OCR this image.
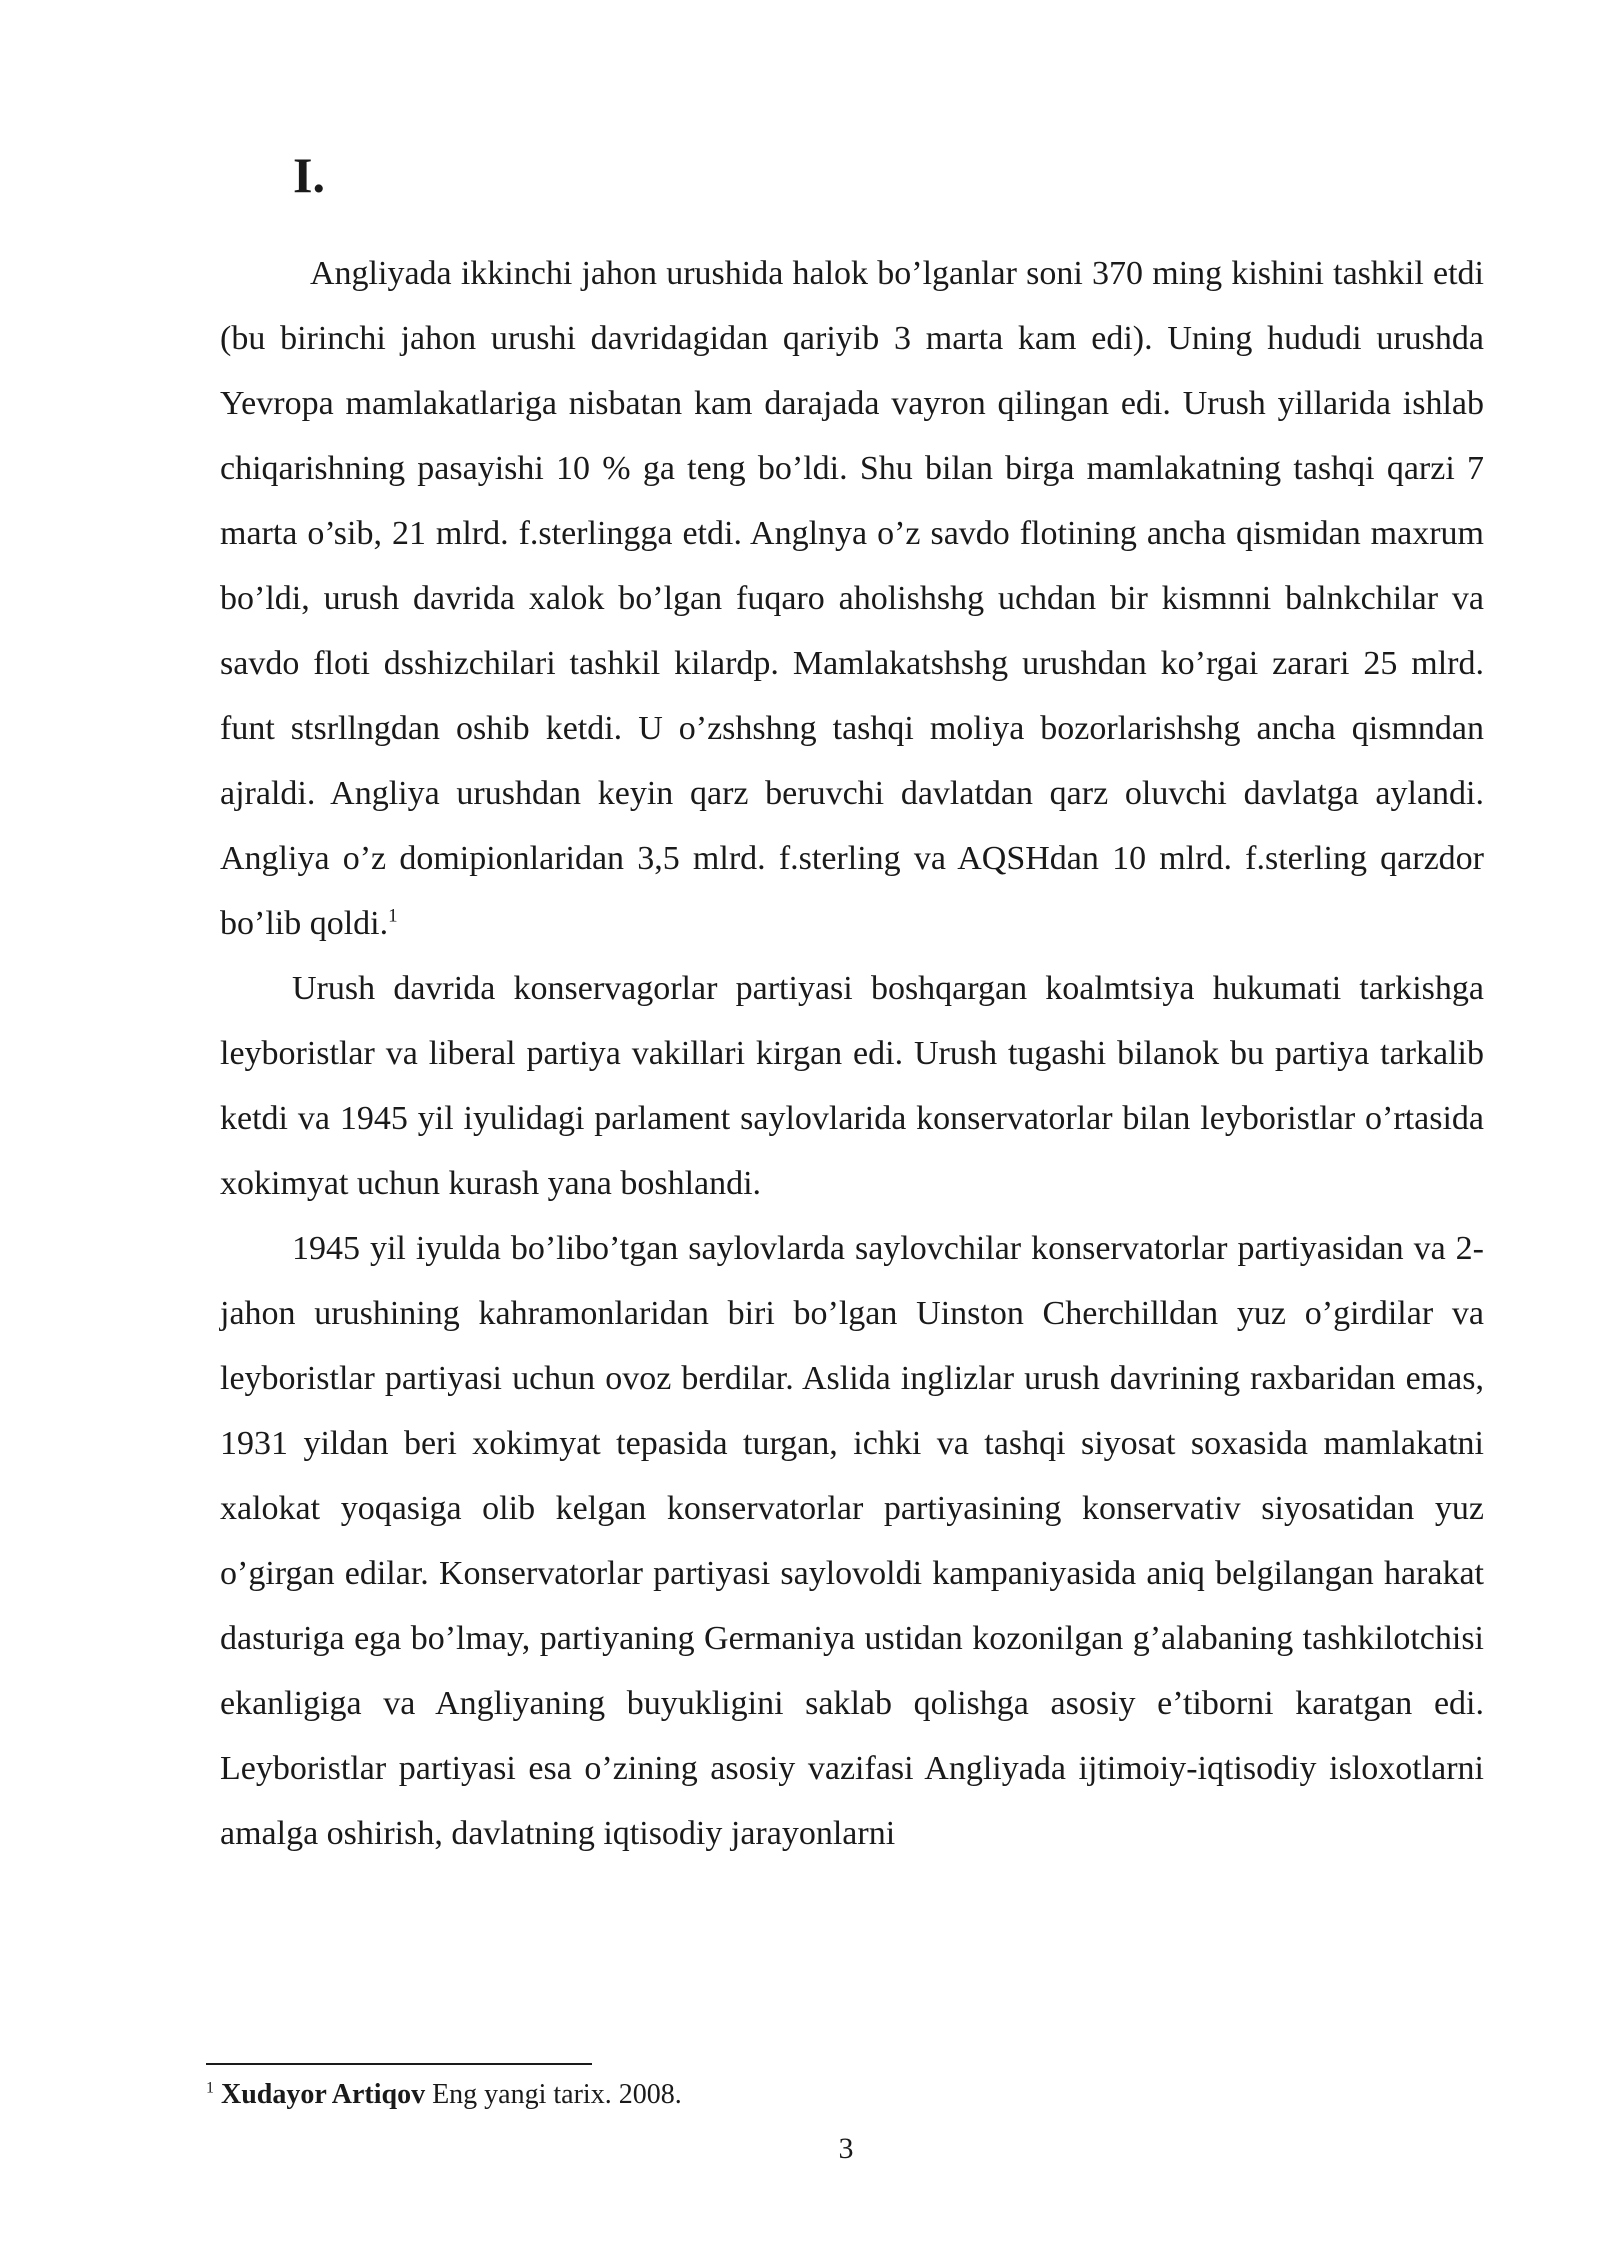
I.

Angliyada ikkinchi jahon urushida halok bo’lganlar soni 370 ming kishini tashkil etdi (bu birinchi jahon urushi davridagidan qariyib 3 marta kam edi). Uning hududi urushda Yevropa mamlakatlariga nisbatan kam darajada vayron qilingan edi. Urush yillarida ishlab chiqarishning pasayishi 10 % ga teng bo’ldi. Shu bilan birga mamlakatning tashqi qarzi 7 marta o’sib, 21 mlrd. f.sterlingga etdi. Anglnya o’z savdo flotining ancha qismidan maxrum bo’ldi, urush davrida xalok bo’lgan fuqaro aholishshg uchdan bir kismnni balnkchilar va savdo floti dsshizchilari tashkil kilardp. Mamlakatshshg urushdan ko’rgai zarari 25 mlrd. funt stsrllngdan oshib ketdi. U o’zshshng tashqi moliya bozorlarishshg ancha qismndan ajraldi. Angliya urushdan keyin qarz beruvchi davlatdan qarz oluvchi davlatga aylandi. Angliya o’z domipionlaridan 3,5 mlrd. f.sterling va AQSHdan 10 mlrd. f.sterling qarzdor bo’lib qoldi.$^1$

Urush davrida konservagorlar partiyasi boshqargan koalmtsiya hukumati tarkishga leyboristlar va liberal partiya vakillari kirgan edi. Urush tugashi bilanok bu partiya tarkalib ketdi va 1945 yil iyulidagi parlament saylovlarida konservatorlar bilan leyboristlar o’rtasida xokimyat uchun kurash yana boshlandi.

1945 yil iyulda bo’libo’tgan saylovlarda saylovchilar konservatorlar partiyasidan va 2-jahon urushining kahramonlaridan biri bo’lgan Uinston Cherchilldan yuz o’girdilar va leyboristlar partiyasi uchun ovoz berdilar. Aslida inglizlar urush davrining raxbaridan emas, 1931 yildan beri xokimyat tepasida turgan, ichki va tashqi siyosat soxasida mamlakatni xalokat yoqasiga olib kelgan konservatorlar partiyasining konservativ siyosatidan yuz o’girgan edilar. Konservatorlar partiyasi saylovoldi kampaniyasida aniq belgilangan harakat dasturiga ega bo’lmay, partiyaning Germaniya ustidan kozonilgan g’alabaning tashkilotchisi ekanligiga va Angliyaning buyukligini saklab qolishga asosiy e’tiborni karatgan edi. Leyboristlar partiyasi esa o’zining asosiy vazifasi Angliyada ijtimoiy-iqtisodiy isloxotlarni amalga oshirish, davlatning iqtisodiy jarayonlarni

$^1$ Xudayor Artiqov Eng yangi tarix. 2008.
3
